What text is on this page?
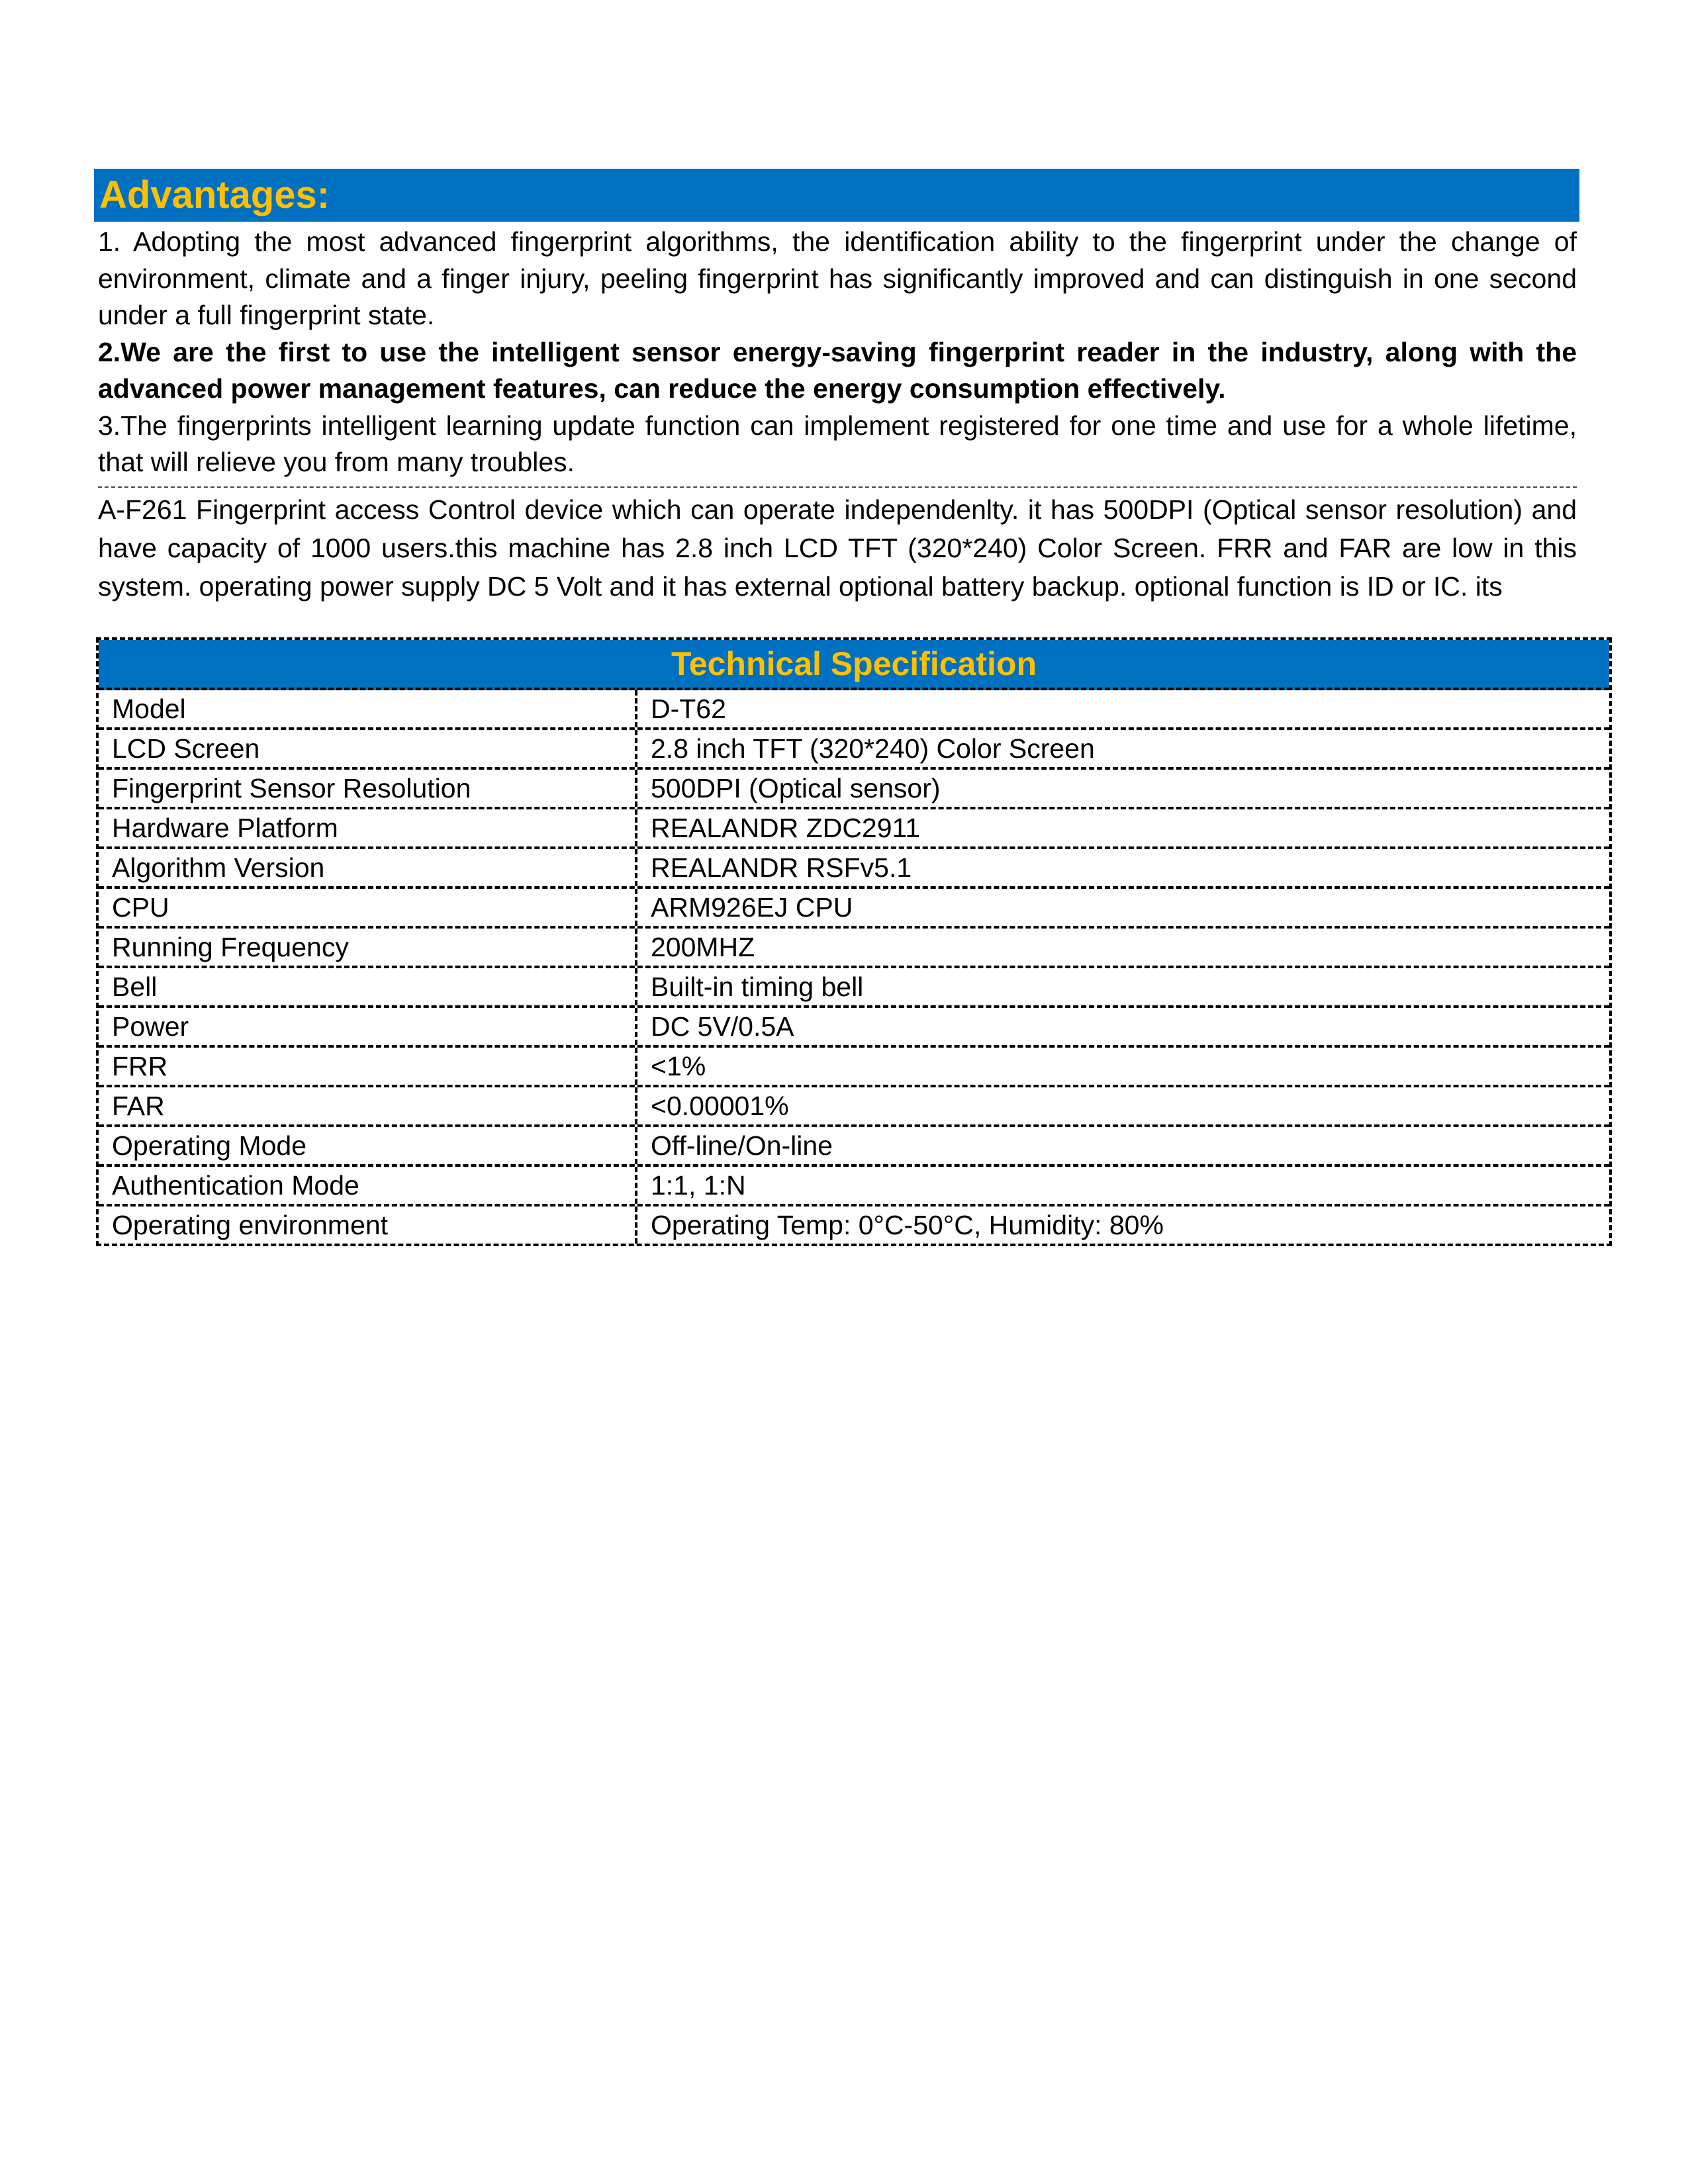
Advantages:

1. Adopting the most advanced fingerprint algorithms, the identification ability to the fingerprint under the change of environment, climate and a finger injury, peeling fingerprint has significantly improved and can distinguish in one second under a full fingerprint state.

2.We are the first to use the intelligent sensor energy-saving fingerprint reader in the industry, along with the advanced power management features, can reduce the energy consumption effectively.

3.The fingerprints intelligent learning update function can implement registered for one time and use for a whole lifetime, that will relieve you from many troubles.

A-F261 Fingerprint access Control device which can operate independenlty. it has 500DPI (Optical sensor resolution) and have capacity of 1000 users.this machine has 2.8 inch LCD TFT (320*240) Color Screen. FRR and FAR are low in this system. operating power supply DC 5 Volt and it has external optional battery backup. optional function is ID or IC. its

Technical Specification
Model	D-T62
LCD Screen	2.8 inch TFT (320*240) Color Screen
Fingerprint Sensor Resolution	500DPI (Optical sensor)
Hardware Platform	REALANDR ZDC2911
Algorithm Version	REALANDR RSFv5.1
CPU	ARM926EJ CPU
Running Frequency	200MHZ
Bell	Built-in timing bell
Power	DC 5V/0.5A
FRR	<1%
FAR	<0.00001%
Operating Mode	Off-line/On-line
Authentication Mode	1:1, 1:N
Operating environment	Operating Temp: 0°C-50°C, Humidity: 80%
